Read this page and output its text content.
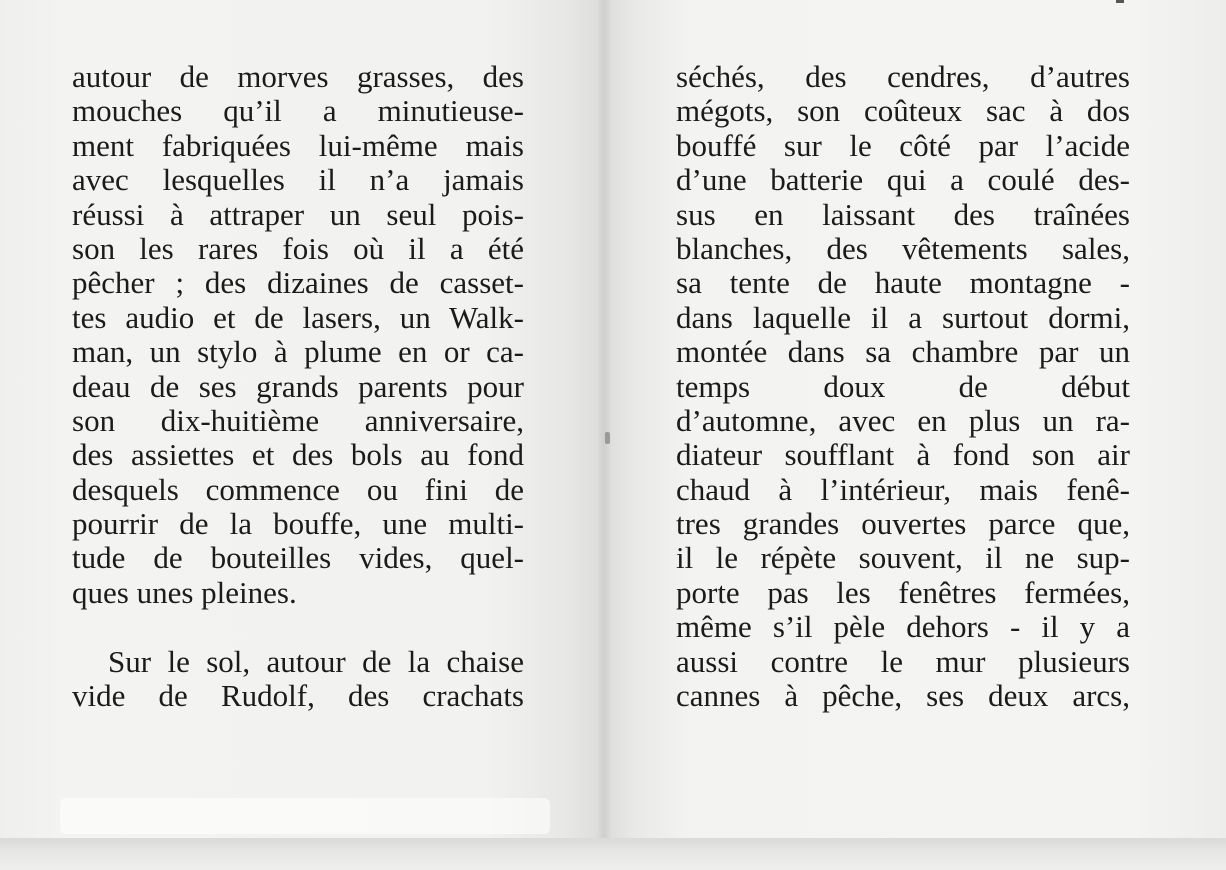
autour de morves grasses, des
mouches qu’il a minutieuse-
ment fabriquées lui-même mais
avec lesquelles il n’a jamais
réussi à attraper un seul pois-
son les rares fois où il a été
pêcher ; des dizaines de casset-
tes audio et de lasers, un Walk-
man, un stylo à plume en or ca-
deau de ses grands parents pour
son dix-huitième anniversaire,
des assiettes et des bols au fond
desquels commence ou fini de
pourrir de la bouffe, une multi-
tude de bouteilles vides, quel-
ques unes pleines.
Sur le sol, autour de la chaise
vide de Rudolf, des crachats
séchés, des cendres, d’autres
mégots, son coûteux sac à dos
bouffé sur le côté par l’acide
d’une batterie qui a coulé des-
sus en laissant des traînées
blanches, des vêtements sales,
sa tente de haute montagne -
dans laquelle il a surtout dormi,
montée dans sa chambre par un
temps doux de début
d’automne, avec en plus un ra-
diateur soufflant à fond son air
chaud à l’intérieur, mais fenê-
tres grandes ouvertes parce que,
il le répète souvent, il ne sup-
porte pas les fenêtres fermées,
même s’il pèle dehors - il y a
aussi contre le mur plusieurs
cannes à pêche, ses deux arcs,
